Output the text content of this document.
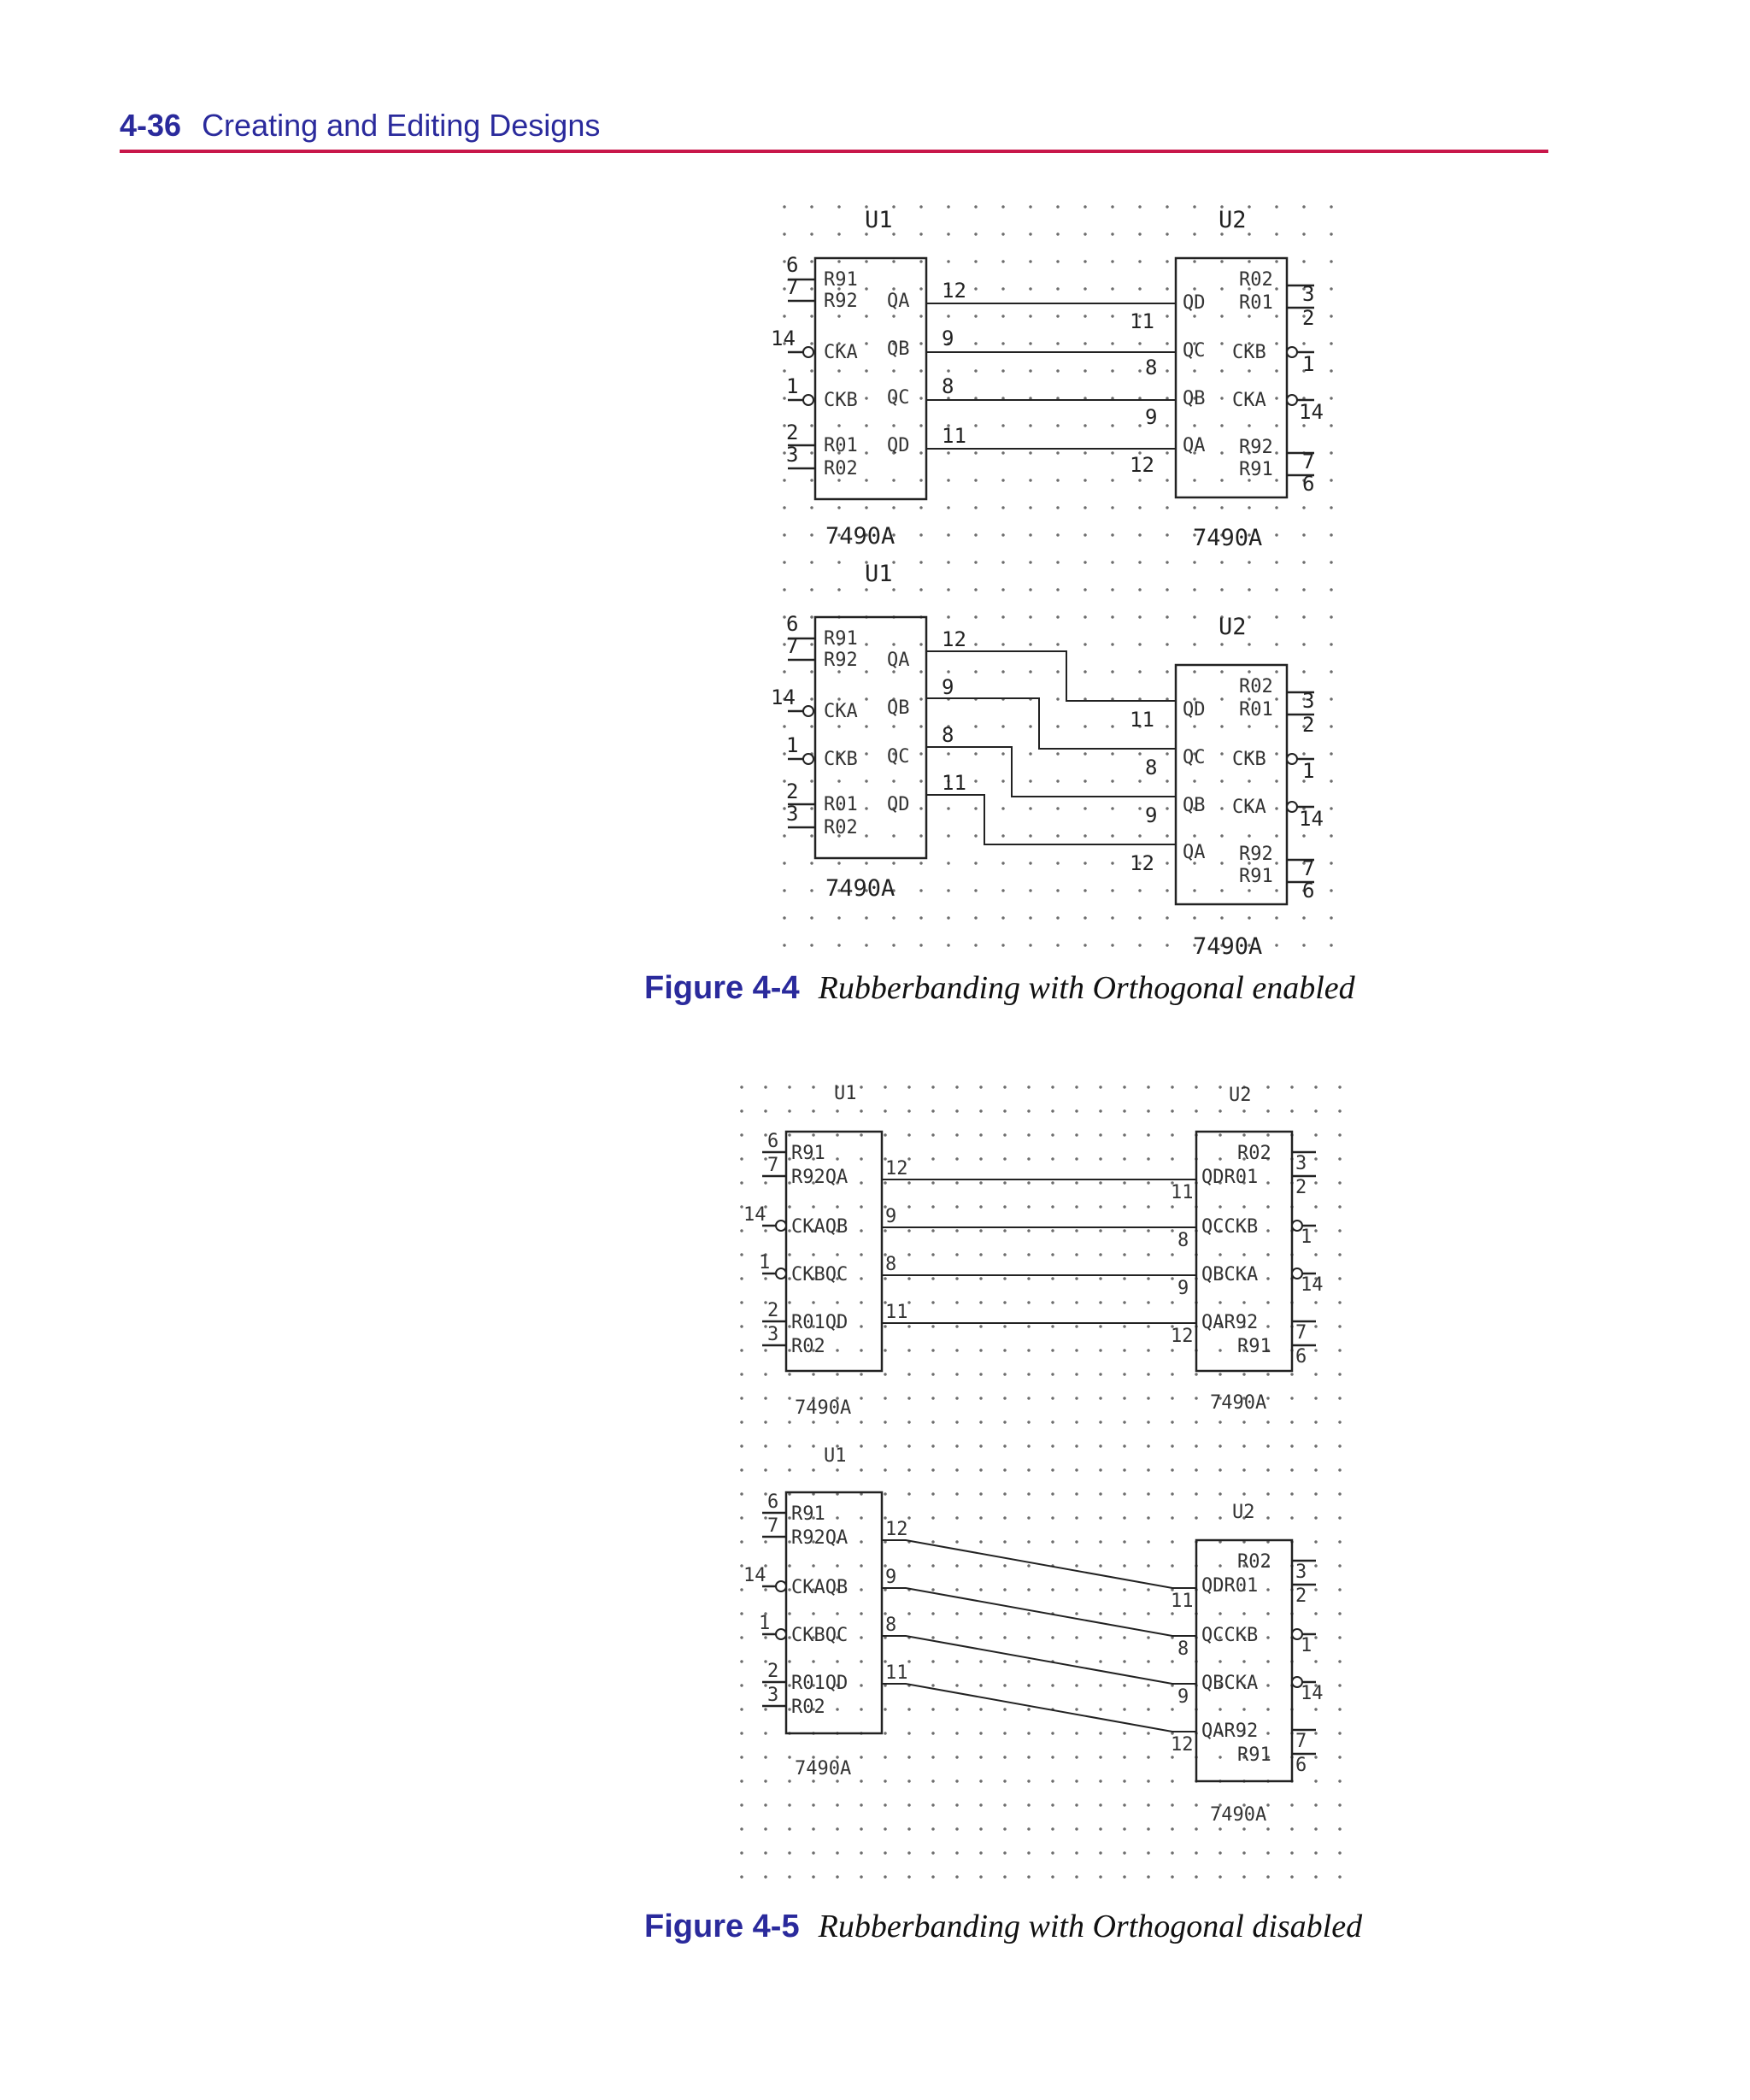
4-36 Creating and Editing Designs
U1
6
7
14
1
2
3
R91
R92
CKA
CKB
R01
R02
QA
QB
QC
QD
7490A
U2
R02
R01
CKB
CKA
R92
R91
QD
QC
QB
QA
3
2
1
14
7
6
7490A
12
9
8
11
11
8
9
12
U1
6
7
14
1
2
3
R91
R92
CKA
CKB
R01
R02
QA
QB
QC
QD
7490A
U2
R02
R01
CKB
CKA
R92
R91
QD
QC
QB
QA
3
2
1
14
7
6
7490A
12
9
8
11
11
8
9
12
Figure 4-4 Rubberbanding with Orthogonal enabled
U1
6
7
14
1
2
3
R91
R92QA
CKAQB
CKBQC
R01QD
R02
7490A
U2
R02
QDR01
QCCKB
QBCKA
QAR92
R91
3
2
1
14
7
6
7490A
12
9
8
11
11
8
9
12
U1
6
7
14
1
2
3
R91
R92QA
CKAQB
CKBQC
R01QD
R02
7490A
U2
R02
QDR01
QCCKB
QBCKA
QAR92
R91
3
2
1
14
7
6
7490A
12
9
8
11
11
8
9
12
Figure 4-5 Rubberbanding with Orthogonal disabled
